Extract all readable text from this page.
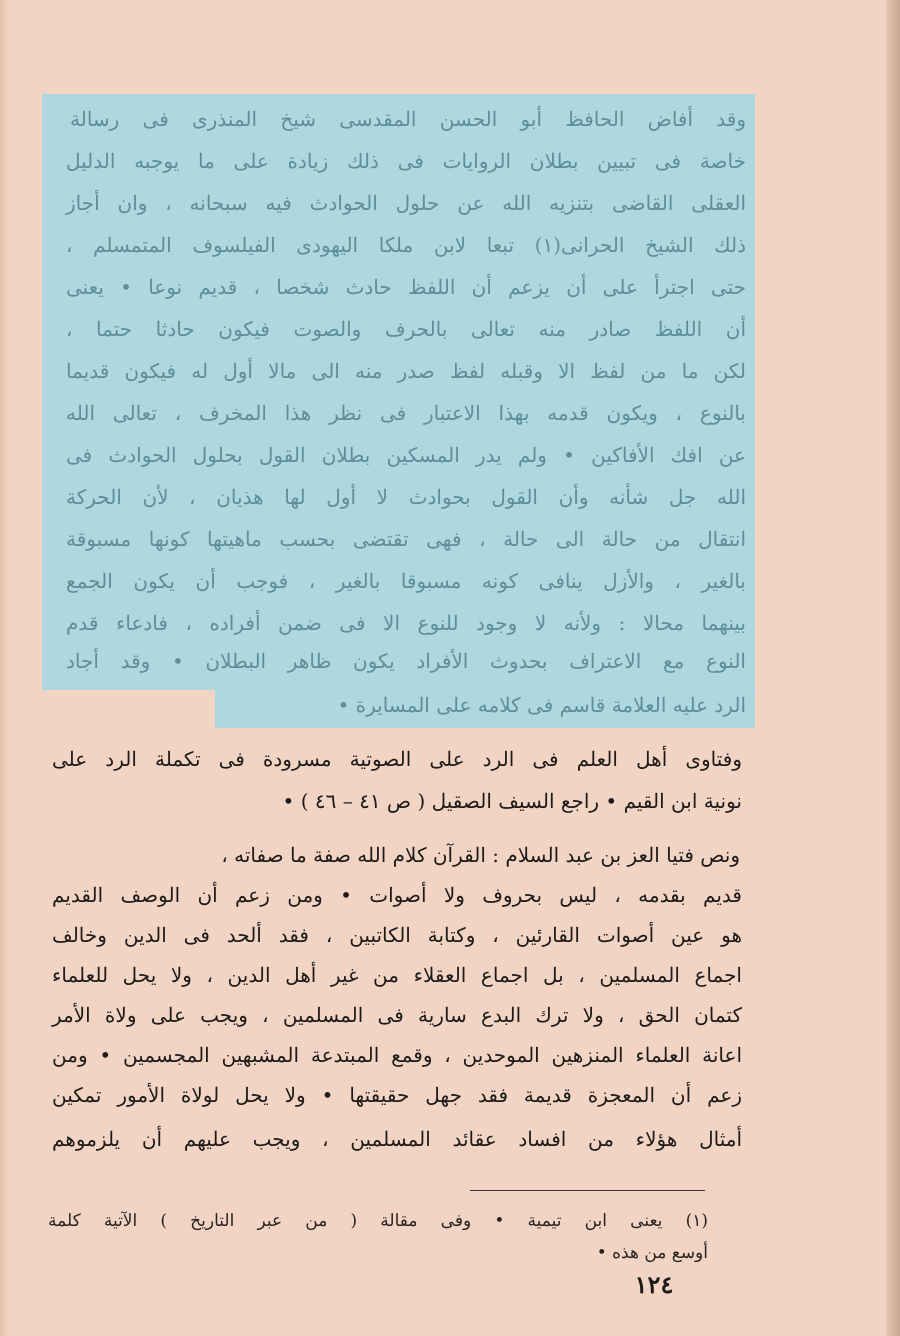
وقد أفاض الحافظ أبو الحسن المقدسى شيخ المنذرى فى رسالة
خاصة فى تبيين بطلان الروايات فى ذلك زيادة على ما يوجبه الدليل
العقلى القاضى بتنزيه الله عن حلول الحوادث فيه سبحانه ، وان أجاز
ذلك الشيخ الحرانى(١) تبعا لابن ملكا اليهودى الفيلسوف المتمسلم ،
حتى اجترأ على أن يزعم أن اللفظ حادث شخصا ، قديم نوعا • يعنى
أن اللفظ صادر منه تعالى بالحرف والصوت فيكون حادثا حتما ،
لكن ما من لفظ الا وقبله لفظ صدر منه الى مالا أول له فيكون قديما
بالنوع ، ويكون قدمه بهذا الاعتبار فى نظر هذا المخرف ، تعالى الله
عن افك الأفاكين • ولم يدر المسكين بطلان القول بحلول الحوادث فى
الله جل شأنه وأن القول بحوادث لا أول لها هذيان ، لأن الحركة
انتقال من حالة الى حالة ، فهى تقتضى بحسب ماهيتها كونها مسبوقة
بالغير ، والأزل ينافى كونه مسبوقا بالغير ، فوجب أن يكون الجمع
بينهما محالا : ولأنه لا وجود للنوع الا فى ضمن أفراده ، فادعاء قدم
النوع مع الاعتراف بحدوث الأفراد يكون ظاهر البطلان • وقد أجاد
الرد عليه العلامة قاسم فى كلامه على المسايرة •
وفتاوى أهل العلم فى الرد على الصوتية مسرودة فى تكملة الرد على
نونية ابن القيم • راجع السيف الصقيل ( ص ٤١ – ٤٦ ) •
ونص فتيا العز بن عبد السلام : القرآن كلام الله صفة ما صفاته ،
قديم بقدمه ، ليس بحروف ولا أصوات • ومن زعم أن الوصف القديم
هو عين أصوات القارئين ، وكتابة الكاتبين ، فقد ألحد فى الدين وخالف
اجماع المسلمين ، بل اجماع العقلاء من غير أهل الدين ، ولا يحل للعلماء
كتمان الحق ، ولا ترك البدع سارية فى المسلمين ، ويجب على ولاة الأمر
اعانة العلماء المنزهين الموحدين ، وقمع المبتدعة المشبهين المجسمين • ومن
زعم أن المعجزة قديمة فقد جهل حقيقتها • ولا يحل لولاة الأمور تمكين
أمثال هؤلاء من افساد عقائد المسلمين ، ويجب عليهم أن يلزموهم
(١) يعنى ابن تيمية • وفى مقالة ( من عبر التاريخ ) الآتية كلمة
أوسع من هذه •
١٢٤
